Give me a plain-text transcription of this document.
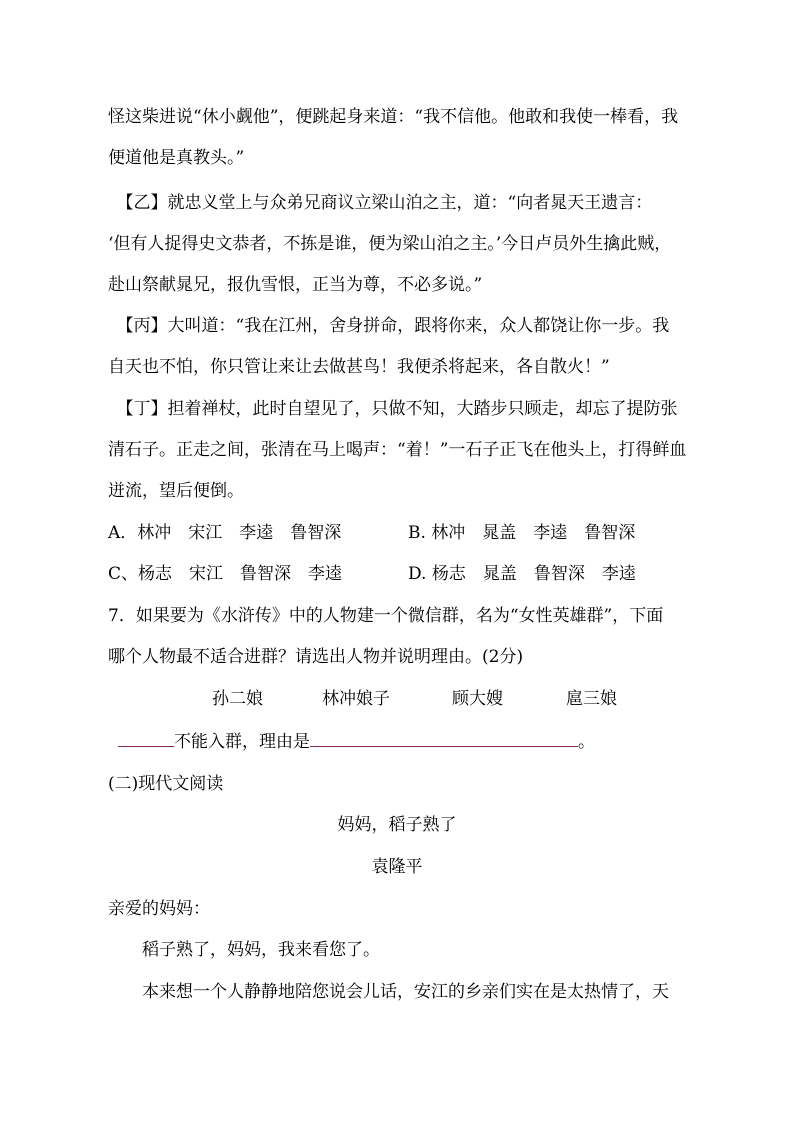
怪这柴进说“休小觑他”，便跳起身来道：“我不信他。他敢和我使一棒看，我
便道他是真教头。”
　【乙】就忠义堂上与众弟兄商议立梁山泊之主，道：“向者晁天王遗言：
‘但有人捉得史文恭者，不拣是谁，便为梁山泊之主。’今日卢员外生擒此贼，
赴山祭献晁兄，报仇雪恨，正当为尊，不必多说。”
　【丙】大叫道：“我在江州，舍身拼命，跟将你来，众人都饶让你一步。我
自天也不怕，你只管让来让去做甚鸟！我便杀将起来，各自散火！”
　【丁】担着禅杖，此时自望见了，只做不知，大踏步只顾走，却忘了提防张
清石子。正走之间，张清在马上喝声：“着！”一石子正飞在他头上，打得鲜血
迸流，望后便倒。
A．林冲　宋江　李逵　鲁智深	B. 林冲　晁盖　李逵　鲁智深
C、杨志　宋江　鲁智深　李逵	D. 杨志　晁盖　鲁智深　李逵
7．如果要为《水浒传》中的人物建一个微信群，名为“女性英雄群”，下面
哪个人物最不适合进群？请选出人物并说明理由。(2分)
孙二娘	林冲娘子	顾大嫂	扈三娘
不能入群，理由是	。
(二)现代文阅读
妈妈，稻子熟了
袁隆平
亲爱的妈妈：
　　稻子熟了，妈妈，我来看您了。
　　本来想一个人静静地陪您说会儿话，安江的乡亲们实在是太热情了，天
